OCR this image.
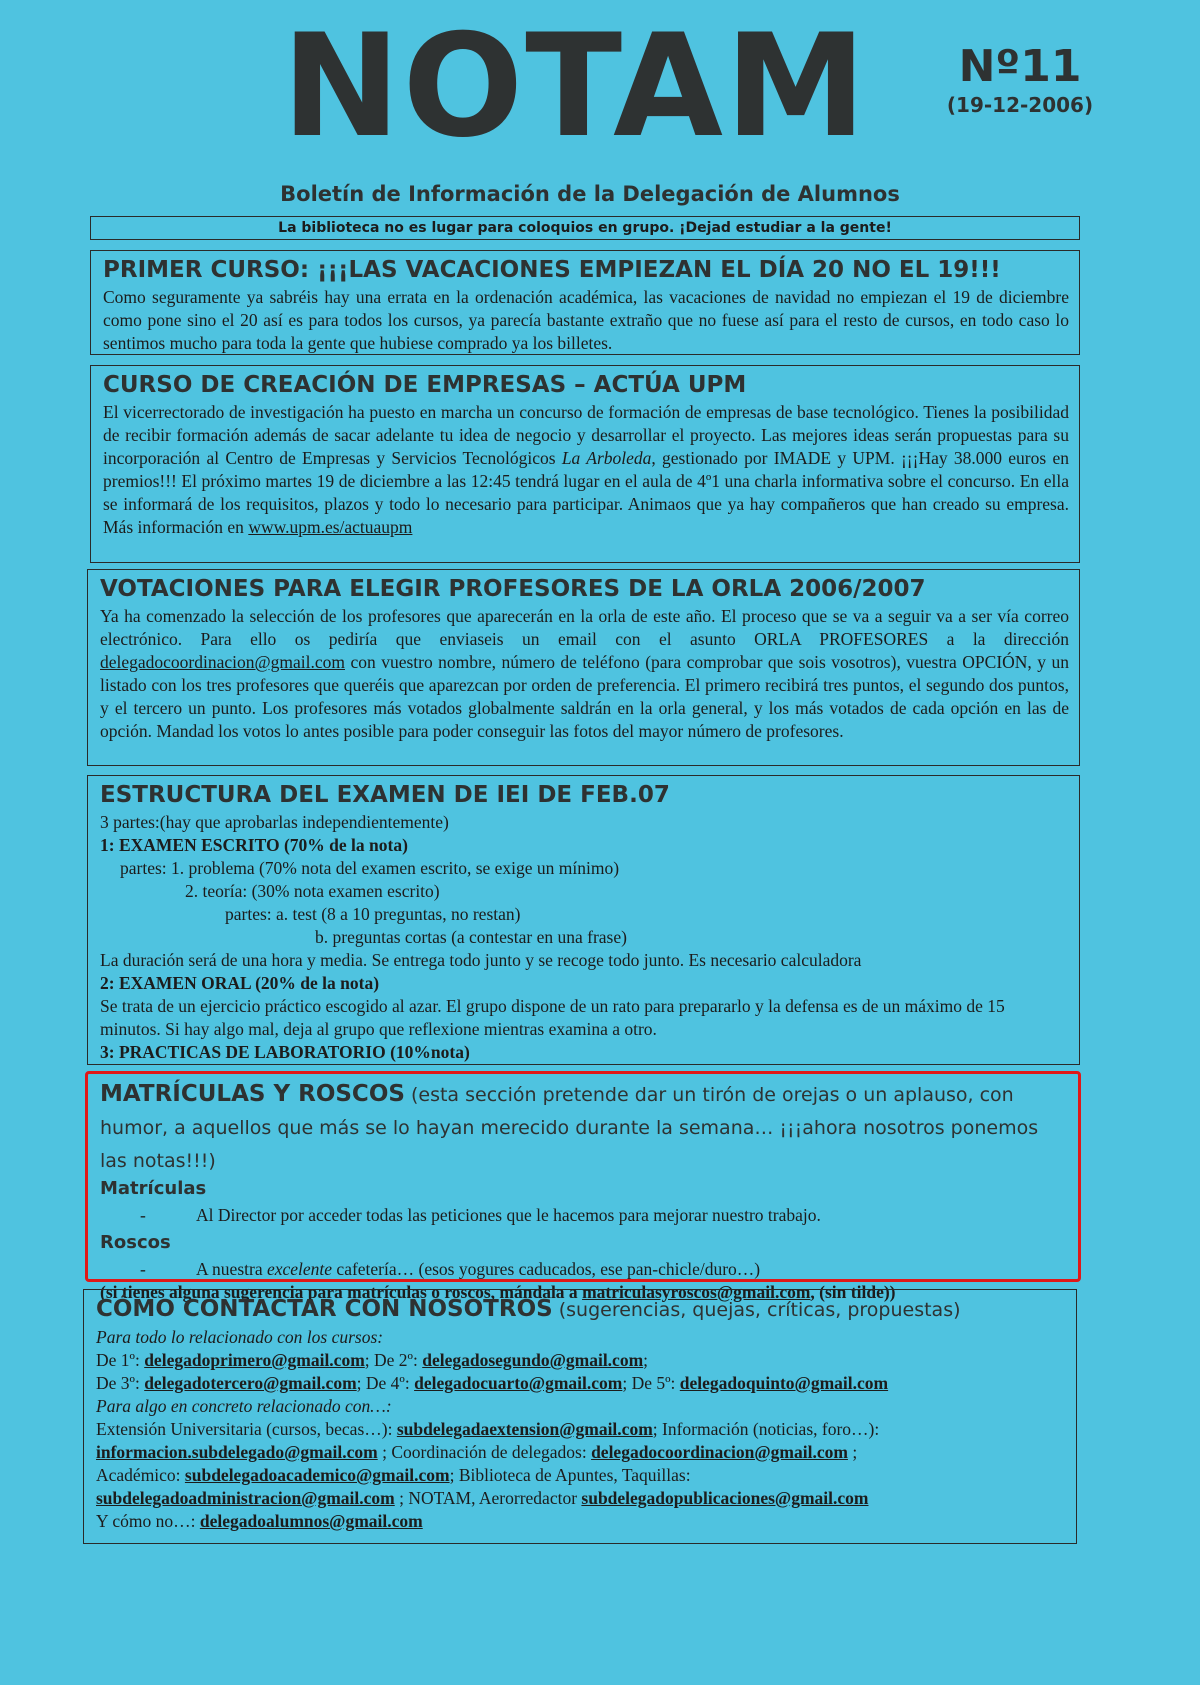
NOTAM	Nº11
(19-12-2006)
Boletín de Información de la Delegación de Alumnos
La biblioteca no es lugar para coloquios en grupo. ¡Dejad estudiar a la gente!
PRIMER CURSO: ¡¡¡LAS VACACIONES EMPIEZAN EL DÍA 20 NO EL 19!!!

Como seguramente ya sabréis hay una errata en la ordenación académica, las vacaciones de navidad no empiezan el 19 de diciembre como pone sino el 20 así es para todos los cursos, ya parecía bastante extraño que no fuese así para el resto de cursos, en todo caso lo sentimos mucho para toda la gente que hubiese comprado ya los billetes.

CURSO DE CREACIÓN DE EMPRESAS – ACTÚA UPM

El vicerrectorado de investigación ha puesto en marcha un concurso de formación de empresas de base tecnológico. Tienes la posibilidad de recibir formación además de sacar adelante tu idea de negocio y desarrollar el proyecto. Las mejores ideas serán propuestas para su incorporación al Centro de Empresas y Servicios Tecnológicos La Arboleda, gestionado por IMADE y UPM. ¡¡¡Hay 38.000 euros en premios!!! El próximo martes 19 de diciembre a las 12:45 tendrá lugar en el aula de 4º1 una charla informativa sobre el concurso. En ella se informará de los requisitos, plazos y todo lo necesario para participar. Animaos que ya hay compañeros que han creado su empresa. Más información en www.upm.es/actuaupm

VOTACIONES PARA ELEGIR PROFESORES DE LA ORLA 2006/2007

Ya ha comenzado la selección de los profesores que aparecerán en la orla de este año. El proceso que se va a seguir va a ser vía correo electrónico. Para ello os pediría que enviaseis un email con el asunto ORLA PROFESORES a la dirección delegadocoordinacion@gmail.com con vuestro nombre, número de teléfono (para comprobar que sois vosotros), vuestra OPCIÓN, y un listado con los tres profesores que queréis que aparezcan por orden de preferencia. El primero recibirá tres puntos, el segundo dos puntos, y el tercero un punto. Los profesores más votados globalmente saldrán en la orla general, y los más votados de cada opción en las de opción. Mandad los votos lo antes posible para poder conseguir las fotos del mayor número de profesores.

ESTRUCTURA DEL EXAMEN DE IEI DE FEB.07

3 partes:(hay que aprobarlas independientemente)

1: EXAMEN ESCRITO (70% de la nota)

partes: 1. problema (70% nota del examen escrito, se exige un mínimo)

2. teoría: (30% nota examen escrito)

partes: a. test (8 a 10 preguntas, no restan)

b. preguntas cortas (a contestar en una frase)

La duración será de una hora y media. Se entrega todo junto y se recoge todo junto. Es necesario calculadora

2: EXAMEN ORAL (20% de la nota)

Se trata de un ejercicio práctico escogido al azar. El grupo dispone de un rato para prepararlo y la defensa es de un máximo de 15 minutos. Si hay algo mal, deja al grupo que reflexione mientras examina a otro.

3: PRACTICAS DE LABORATORIO (10%nota)

MATRÍCULAS Y ROSCOS (esta sección pretende dar un tirón de orejas o un aplauso, con humor, a aquellos que más se lo hayan merecido durante la semana… ¡¡¡ahora nosotros ponemos las notas!!!)

Matrículas

-	Al Director por acceder todas las peticiones que le hacemos para mejorar nuestro trabajo.

Roscos

-	A nuestra excelente cafetería… (esos yogures caducados, ese pan-chicle/duro…)

(si tienes alguna sugerencia para matrículas o roscos, mándala a matriculasyroscos@gmail.com, (sin tilde))

CÓMO CONTACTAR CON NOSOTROS (sugerencias, quejas, críticas, propuestas)

Para todo lo relacionado con los cursos:

De 1º: delegadoprimero@gmail.com; De 2º: delegadosegundo@gmail.com;

De 3º: delegadotercero@gmail.com; De 4º: delegadocuarto@gmail.com; De 5º: delegadoquinto@gmail.com

Para algo en concreto relacionado con…:

Extensión Universitaria (cursos, becas…): subdelegadaextension@gmail.com; Información (noticias, foro…):

informacion.subdelegado@gmail.com ; Coordinación de delegados: delegadocoordinacion@gmail.com ;

Académico: subdelegadoacademico@gmail.com; Biblioteca de Apuntes, Taquillas:

subdelegadoadministracion@gmail.com ; NOTAM, Aerorredactor subdelegadopublicaciones@gmail.com

Y cómo no…: delegadoalumnos@gmail.com
